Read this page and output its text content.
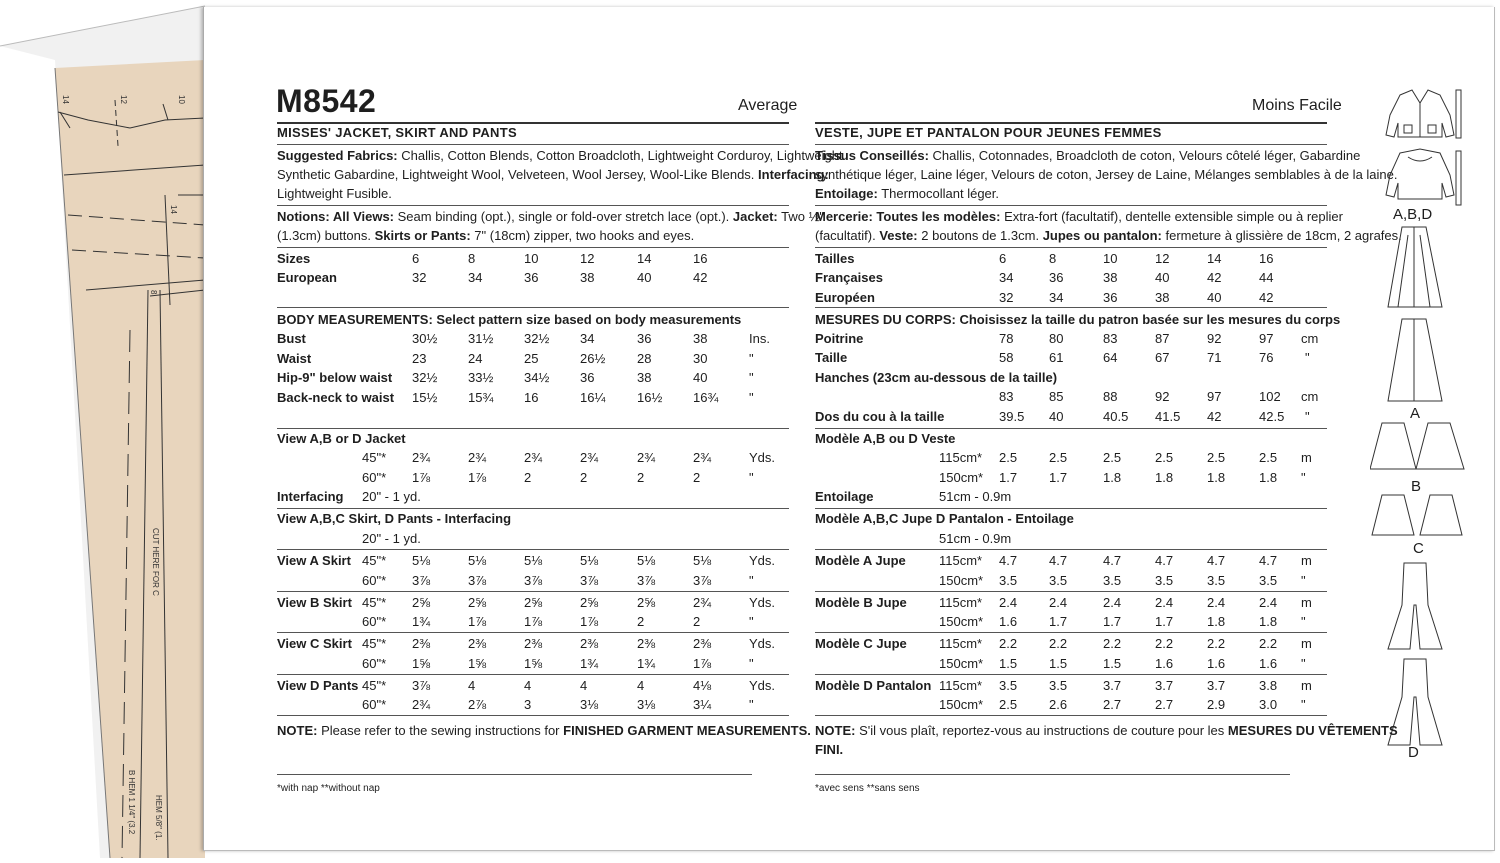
14	12	10
14
8
CUT HERE FOR C
B HEM 1 1/4" (3.2 HEM 5/8" (1.
M8542	Average
MISSES' JACKET, SKIRT AND PANTS
Suggested Fabrics: Challis, Cotton Blends, Cotton Broadcloth, Lightweight Corduroy, Lightweight
Synthetic Gabardine, Lightweight Wool, Velveteen, Wool Jersey, Wool-Like Blends. Interfacing:
Lightweight Fusible.
Notions: All Views: Seam binding (opt.), single or fold-over stretch lace (opt.). Jacket: Two ½"
(1.3cm) buttons. Skirts or Pants: 7" (18cm) zipper, two hooks and eyes.
Moins Facile
VESTE, JUPE ET PANTALON POUR JEUNES FEMMES
Tissus Conseillés: Challis, Cotonnades, Broadcloth de coton, Velours côtelé léger, Gabardine
synthétique léger, Laine léger, Velours de coton, Jersey de Laine, Mélanges semblables à de la laine.
Entoilage: Thermocollant léger.
Mercerie: Toutes les modèles: Extra-fort (facultatif), dentelle extensible simple ou à replier
(facultatif). Veste: 2 boutons de 1.3cm. Jupes ou pantalon: fermeture à glissière de 18cm, 2 agrafes.
A,B,D
A
B
C
D
Sizes	6	8	10	12	14	16
European	32	34	36	38	40	42
BODY MEASUREMENTS: Select pattern size based on body measurements
Bust	30½ 31½ 32½ 34	36	38	Ins.
Waist	23	24	25	26½ 28	30	"
Hip-9" below waist 32½ 33½ 34½ 36	38	40	"
Back-neck to waist 15½ 15¾ 16	16¼ 16½ 16¾ "
View A,B or D Jacket
45"* 2¾	2¾	2¾	2¾	2¾	2¾	Yds.
60"* 1⅞	1⅞	2	2	2	2	"
Interfacing 20" - 1 yd.
View A,B,C Skirt, D Pants - Interfacing
20" - 1 yd.
View A Skirt 45"* 5⅛	5⅛	5⅛	5⅛	5⅛	5⅛	Yds.
60"* 3⅞	3⅞	3⅞	3⅞	3⅞	3⅞	"
View B Skirt 45"* 2⅝	2⅝	2⅝	2⅝	2⅝	2¾	Yds.
60"* 1¾	1⅞	1⅞	1⅞	2	2	"
View C Skirt 45"* 2⅜	2⅜	2⅜	2⅜	2⅜	2⅜	Yds.
60"* 1⅝	1⅝	1⅝	1¾	1¾	1⅞	"
View D Pants 45"* 3⅞	4	4	4	4	4⅛	Yds.
60"* 2¾	2⅞	3	3⅛	3⅛	3¼	"
NOTE: Please refer to the sewing instructions for FINISHED GARMENT MEASUREMENTS.
*with nap **without nap
Tailles	6	8	10	12	14	16
Françaises	34	36	38	40	42	44
Européen	32	34	36	38	40	42
MESURES DU CORPS: Choisissez la taille du patron basée sur les mesures du corps
Poitrine	78	80	83	87	92	97 cm
Taille	58	61	64	67	71	76 "
Hanches (23cm au-dessous de la taille)
83	85	88	92	97	102 cm
Dos du cou à la taille	39.5 40	40.5 41.5 42	42.5 "
Modèle A,B ou D Veste
115cm* 2.5 2.5	2.5	2.5	2.5	2.5 m
150cm* 1.7 1.7	1.8	1.8	1.8	1.8 "
Entoilage	51cm - 0.9m
Modèle A,B,C Jupe D Pantalon - Entoilage
51cm - 0.9m
Modèle A Jupe	115cm* 4.7 4.7	4.7	4.7	4.7	4.7 m
150cm* 3.5 3.5	3.5	3.5	3.5	3.5 "
Modèle B Jupe 115cm* 2.4 2.4	2.4	2.4	2.4	2.4 m
150cm* 1.6 1.7	1.7	1.7	1.8	1.8 "
Modèle C Jupe 115cm* 2.2 2.2	2.2	2.2	2.2	2.2 m
150cm* 1.5 1.5	1.5	1.6	1.6	1.6 "
Modèle D Pantalon 115cm* 3.5 3.5	3.7	3.7	3.7	3.8 m
150cm* 2.5 2.6	2.7	2.7	2.9	3.0 "
NOTE: S'il vous plaît, reportez-vous au instructions de couture pour les MESURES DU VÊTEMENTS
FINI.
*avec sens **sans sens
